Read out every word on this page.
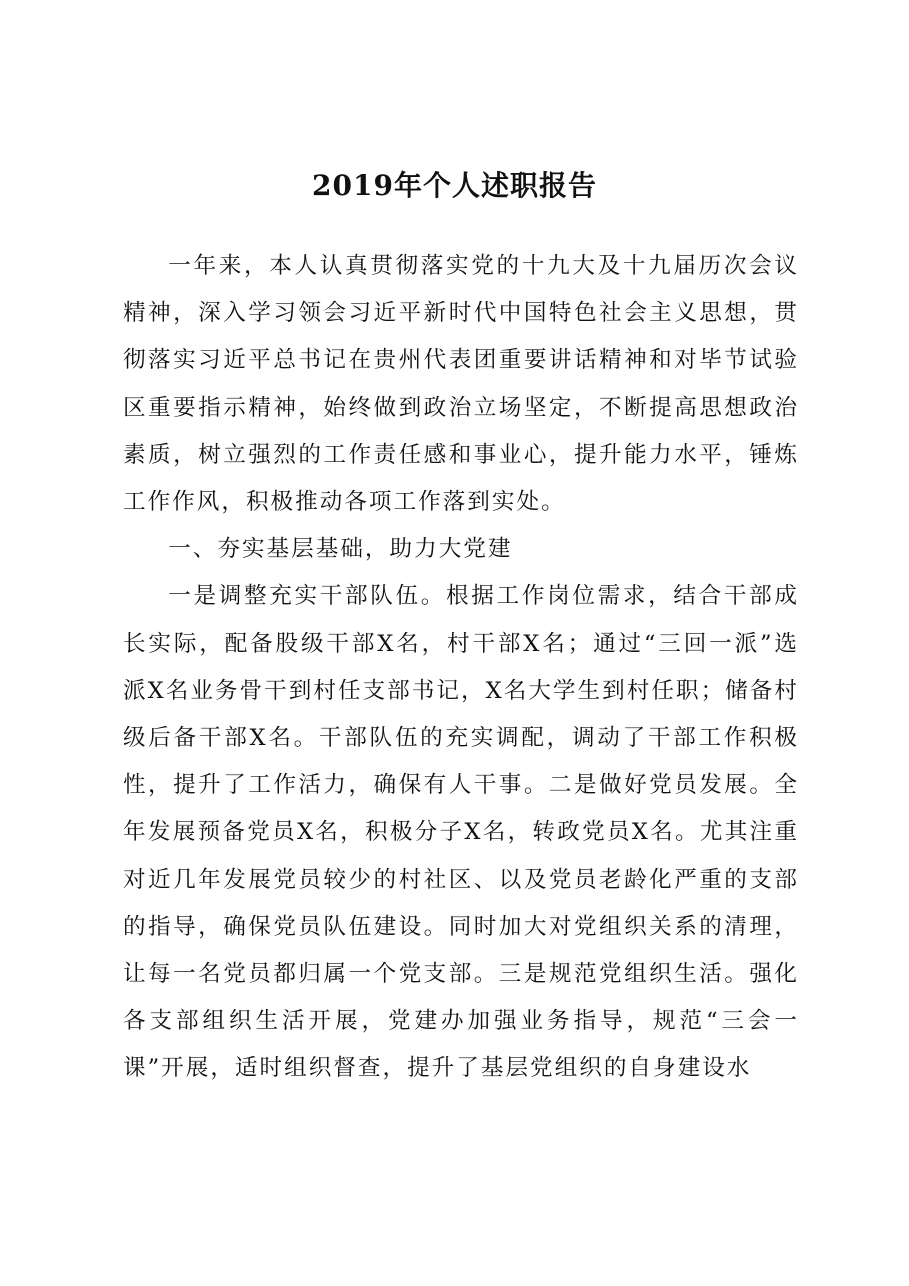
2019年个人述职报告

一年来，本人认真贯彻落实党的十九大及十九届历次会议精神，深入学习领会习近平新时代中国特色社会主义思想，贯彻落实习近平总书记在贵州代表团重要讲话精神和对毕节试验区重要指示精神，始终做到政治立场坚定，不断提高思想政治素质，树立强烈的工作责任感和事业心，提升能力水平，锤炼工作作风，积极推动各项工作落到实处。

一、夯实基层基础，助力大党建

一是调整充实干部队伍。根据工作岗位需求，结合干部成长实际，配备股级干部X名，村干部X名；通过“三回一派”选派X名业务骨干到村任支部书记，X名大学生到村任职；储备村级后备干部X名。干部队伍的充实调配，调动了干部工作积极性，提升了工作活力，确保有人干事。二是做好党员发展。全年发展预备党员X名，积极分子X名，转政党员X名。尤其注重对近几年发展党员较少的村社区、以及党员老龄化严重的支部的指导，确保党员队伍建设。同时加大对党组织关系的清理，让每一名党员都归属一个党支部。三是规范党组织生活。强化各支部组织生活开展，党建办加强业务指导，规范“三会一课”开展，适时组织督查，提升了基层党组织的自身建设水
